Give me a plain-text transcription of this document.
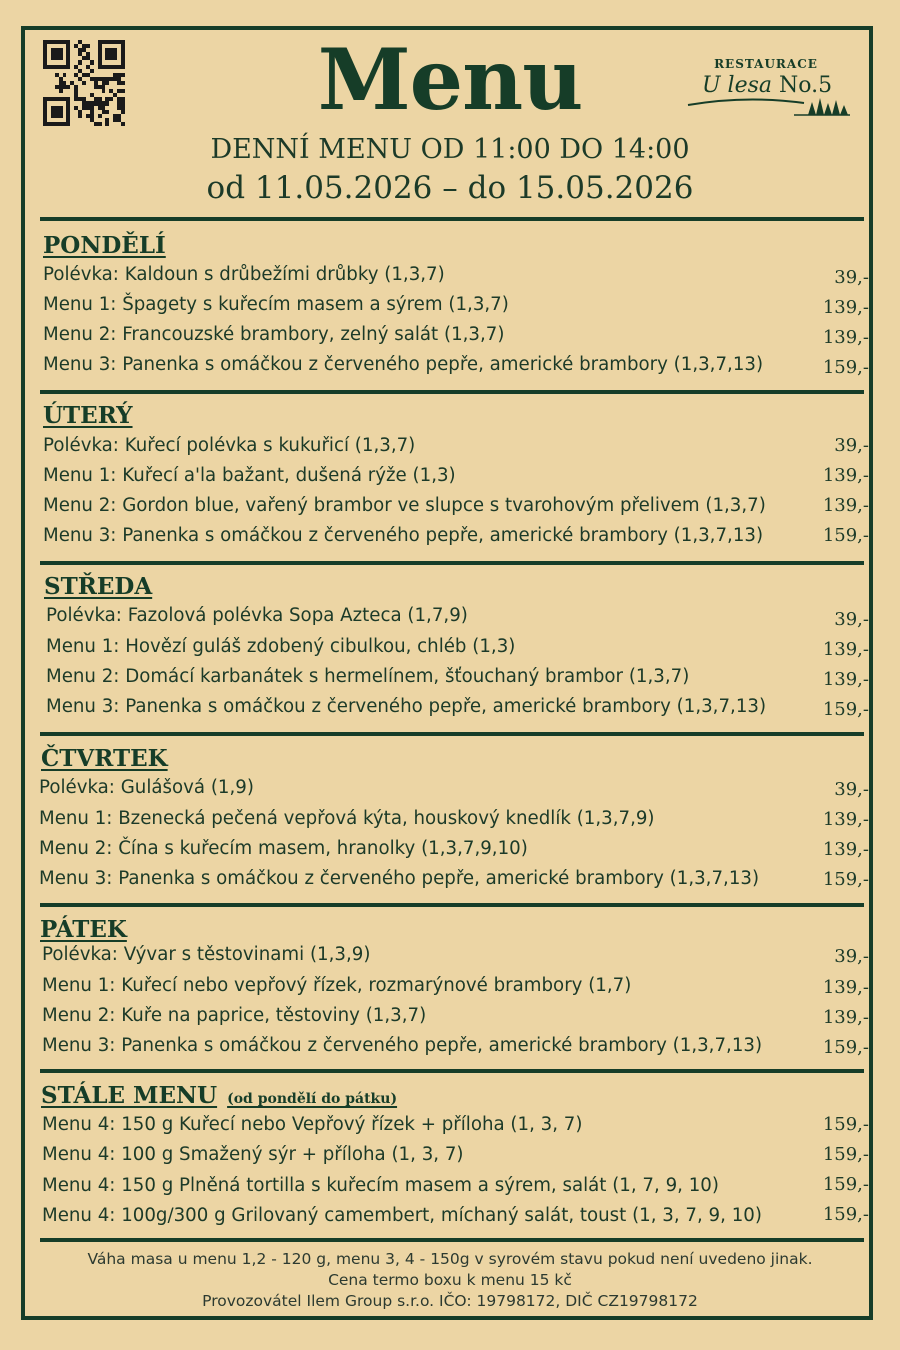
Menu	RESTAURACE
U lesa No.5
DENNÍ MENU OD 11:00 DO 14:00
od 11.05.2026 – do 15.05.2026
PONDĚLÍ
Polévka: Kaldoun s drůbežími drůbky (1,3,7)	39,-
Menu 1: Špagety s kuřecím masem a sýrem (1,3,7)	139,-
Menu 2: Francouzské brambory, zelný salát (1,3,7)	139,-
Menu 3: Panenka s omáčkou z červeného pepře, americké brambory (1,3,7,13)	159,-
ÚTERÝ
Polévka: Kuřecí polévka s kukuřicí (1,3,7)	39,-
Menu 1: Kuřecí a'la bažant, dušená rýže (1,3)	139,-
Menu 2: Gordon blue, vařený brambor ve slupce s tvarohovým přelivem (1,3,7)	139,-
Menu 3: Panenka s omáčkou z červeného pepře, americké brambory (1,3,7,13)	159,-
STŘEDA
Polévka: Fazolová polévka Sopa Azteca (1,7,9)	39,-
Menu 1: Hovězí guláš zdobený cibulkou, chléb (1,3)	139,-
Menu 2: Domácí karbanátek s hermelínem, šťouchaný brambor (1,3,7)	139,-
Menu 3: Panenka s omáčkou z červeného pepře, americké brambory (1,3,7,13)	159,-
ČTVRTEK
Polévka: Gulášová (1,9)	39,-
Menu 1: Bzenecká pečená vepřová kýta, houskový knedlík (1,3,7,9)	139,-
Menu 2: Čína s kuřecím masem, hranolky (1,3,7,9,10)	139,-
Menu 3: Panenka s omáčkou z červeného pepře, americké brambory (1,3,7,13)	159,-
PÁTEK
Polévka: Vývar s těstovinami (1,3,9)	39,-
Menu 1: Kuřecí nebo vepřový řízek, rozmarýnové brambory (1,7)	139,-
Menu 2: Kuře na paprice, těstoviny (1,3,7)	139,-
Menu 3: Panenka s omáčkou z červeného pepře, americké brambory (1,3,7,13)	159,-
STÁLE MENU (od pondělí do pátku)
Menu 4: 150 g Kuřecí nebo Vepřový řízek + příloha (1, 3, 7)	159,-
Menu 4: 100 g Smažený sýr + příloha (1, 3, 7)	159,-
Menu 4: 150 g Plněná tortilla s kuřecím masem a sýrem, salát (1, 7, 9, 10)	159,-
Menu 4: 100g/300 g Grilovaný camembert, míchaný salát, toust (1, 3, 7, 9, 10)	159,-
Váha masa u menu 1,2 - 120 g, menu 3, 4 - 150g v syrovém stavu pokud není uvedeno jinak.
Cena termo boxu k menu 15 kč
Provozovátel Ilem Group s.r.o. IČO: 19798172, DIČ CZ19798172
